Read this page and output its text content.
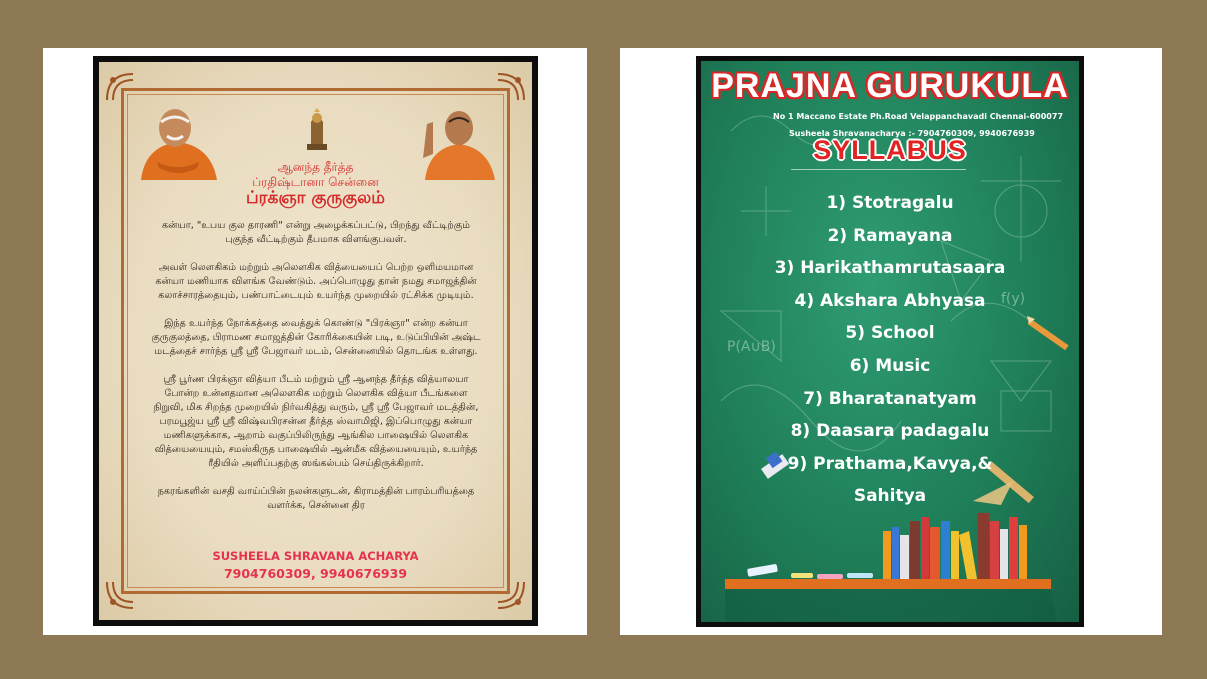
ஆனந்த தீர்த்த

ப்ரதிஷ்டானா சென்னை

ப்ரக்ஞா குருகுலம்

கன்யா, "உபய குல தாரணி" என்று அழைக்கப்பட்டு, பிறந்து வீட்டிற்கும் புகுந்த வீட்டிற்கும் தீபமாக விளங்குபவள்.

அவள் லௌகிகம் மற்றும் அலௌகிக வித்யையைப் பெற்ற ஒளிமயமான கன்யா மணியாக விளங்க வேண்டும். அப்பொழுது தான் நமது சமாஜத்தின் கலாச்சாரத்தையும், பண்பாட்டையும் உயர்ந்த முறையில் ரட்சிக்க முடியும்.

இந்த உயர்ந்த நோக்கத்தை வைத்துக் கொண்டு "பிரக்ஞா" என்ற கன்யா குருகுலத்தை, பிராமண சமாஜத்தின் கோரிக்கையின் படி, உடுப்பியின் அஷ்ட மடத்தைச் சார்ந்த ஸ்ரீ ஸ்ரீ பேஜாவர் மடம், சென்னையில் தொடங்க உள்ளது.

ஸ்ரீ பூர்ண பிரக்ஞா வித்யா பீடம் மற்றும் ஸ்ரீ ஆனந்த தீர்த்த வித்யாலயா போன்ற உன்னதமான அலௌகிக மற்றும் லௌகிக வித்யா பீடங்களை நிறுவி, மிக சிறந்த முறையில் நிர்வகித்து வரும், ஸ்ரீ ஸ்ரீ பேஜாவர் மடத்தின், பரமபூஜ்ய ஸ்ரீ ஸ்ரீ விஷ்வபிரசன்ன தீர்த்த ஸ்வாமிஜி, இப்பொழுது கன்யா மணிகளுக்காக, ஆறாம் வகுப்பிலிருந்து ஆங்கில பாஷையில் லௌகிக வித்யையையும், சமஸ்கிருத பாஷையில் ஆன்மீக வித்யையையும், உயர்ந்த ரீதியில் அளிப்பதற்கு ஸங்கல்பம் செய்திருக்கிறார்.

நகரங்களின் வசதி வாய்ப்பின் நலன்களுடன், கிராமத்தின் பாரம்பரியத்தை வளர்க்க, சென்னை திர

SUSHEELA SHRAVANA ACHARYA
7904760309, 9940676939
f(y)
P(A∪B)
PRAJNA GURUKULA
No 1 Maccano Estate Ph.Road Velappanchavadi Chennai-600077
Susheela Shravanacharya :- 7904760309, 9940676939
SYLLABUS
1) Stotragalu
2) Ramayana
3) Harikathamrutasaara
4) Akshara Abhyasa
5) School
6) Music
7) Bharatanatyam
8) Daasara padagalu
9) Prathama,Kavya,&
Sahitya
